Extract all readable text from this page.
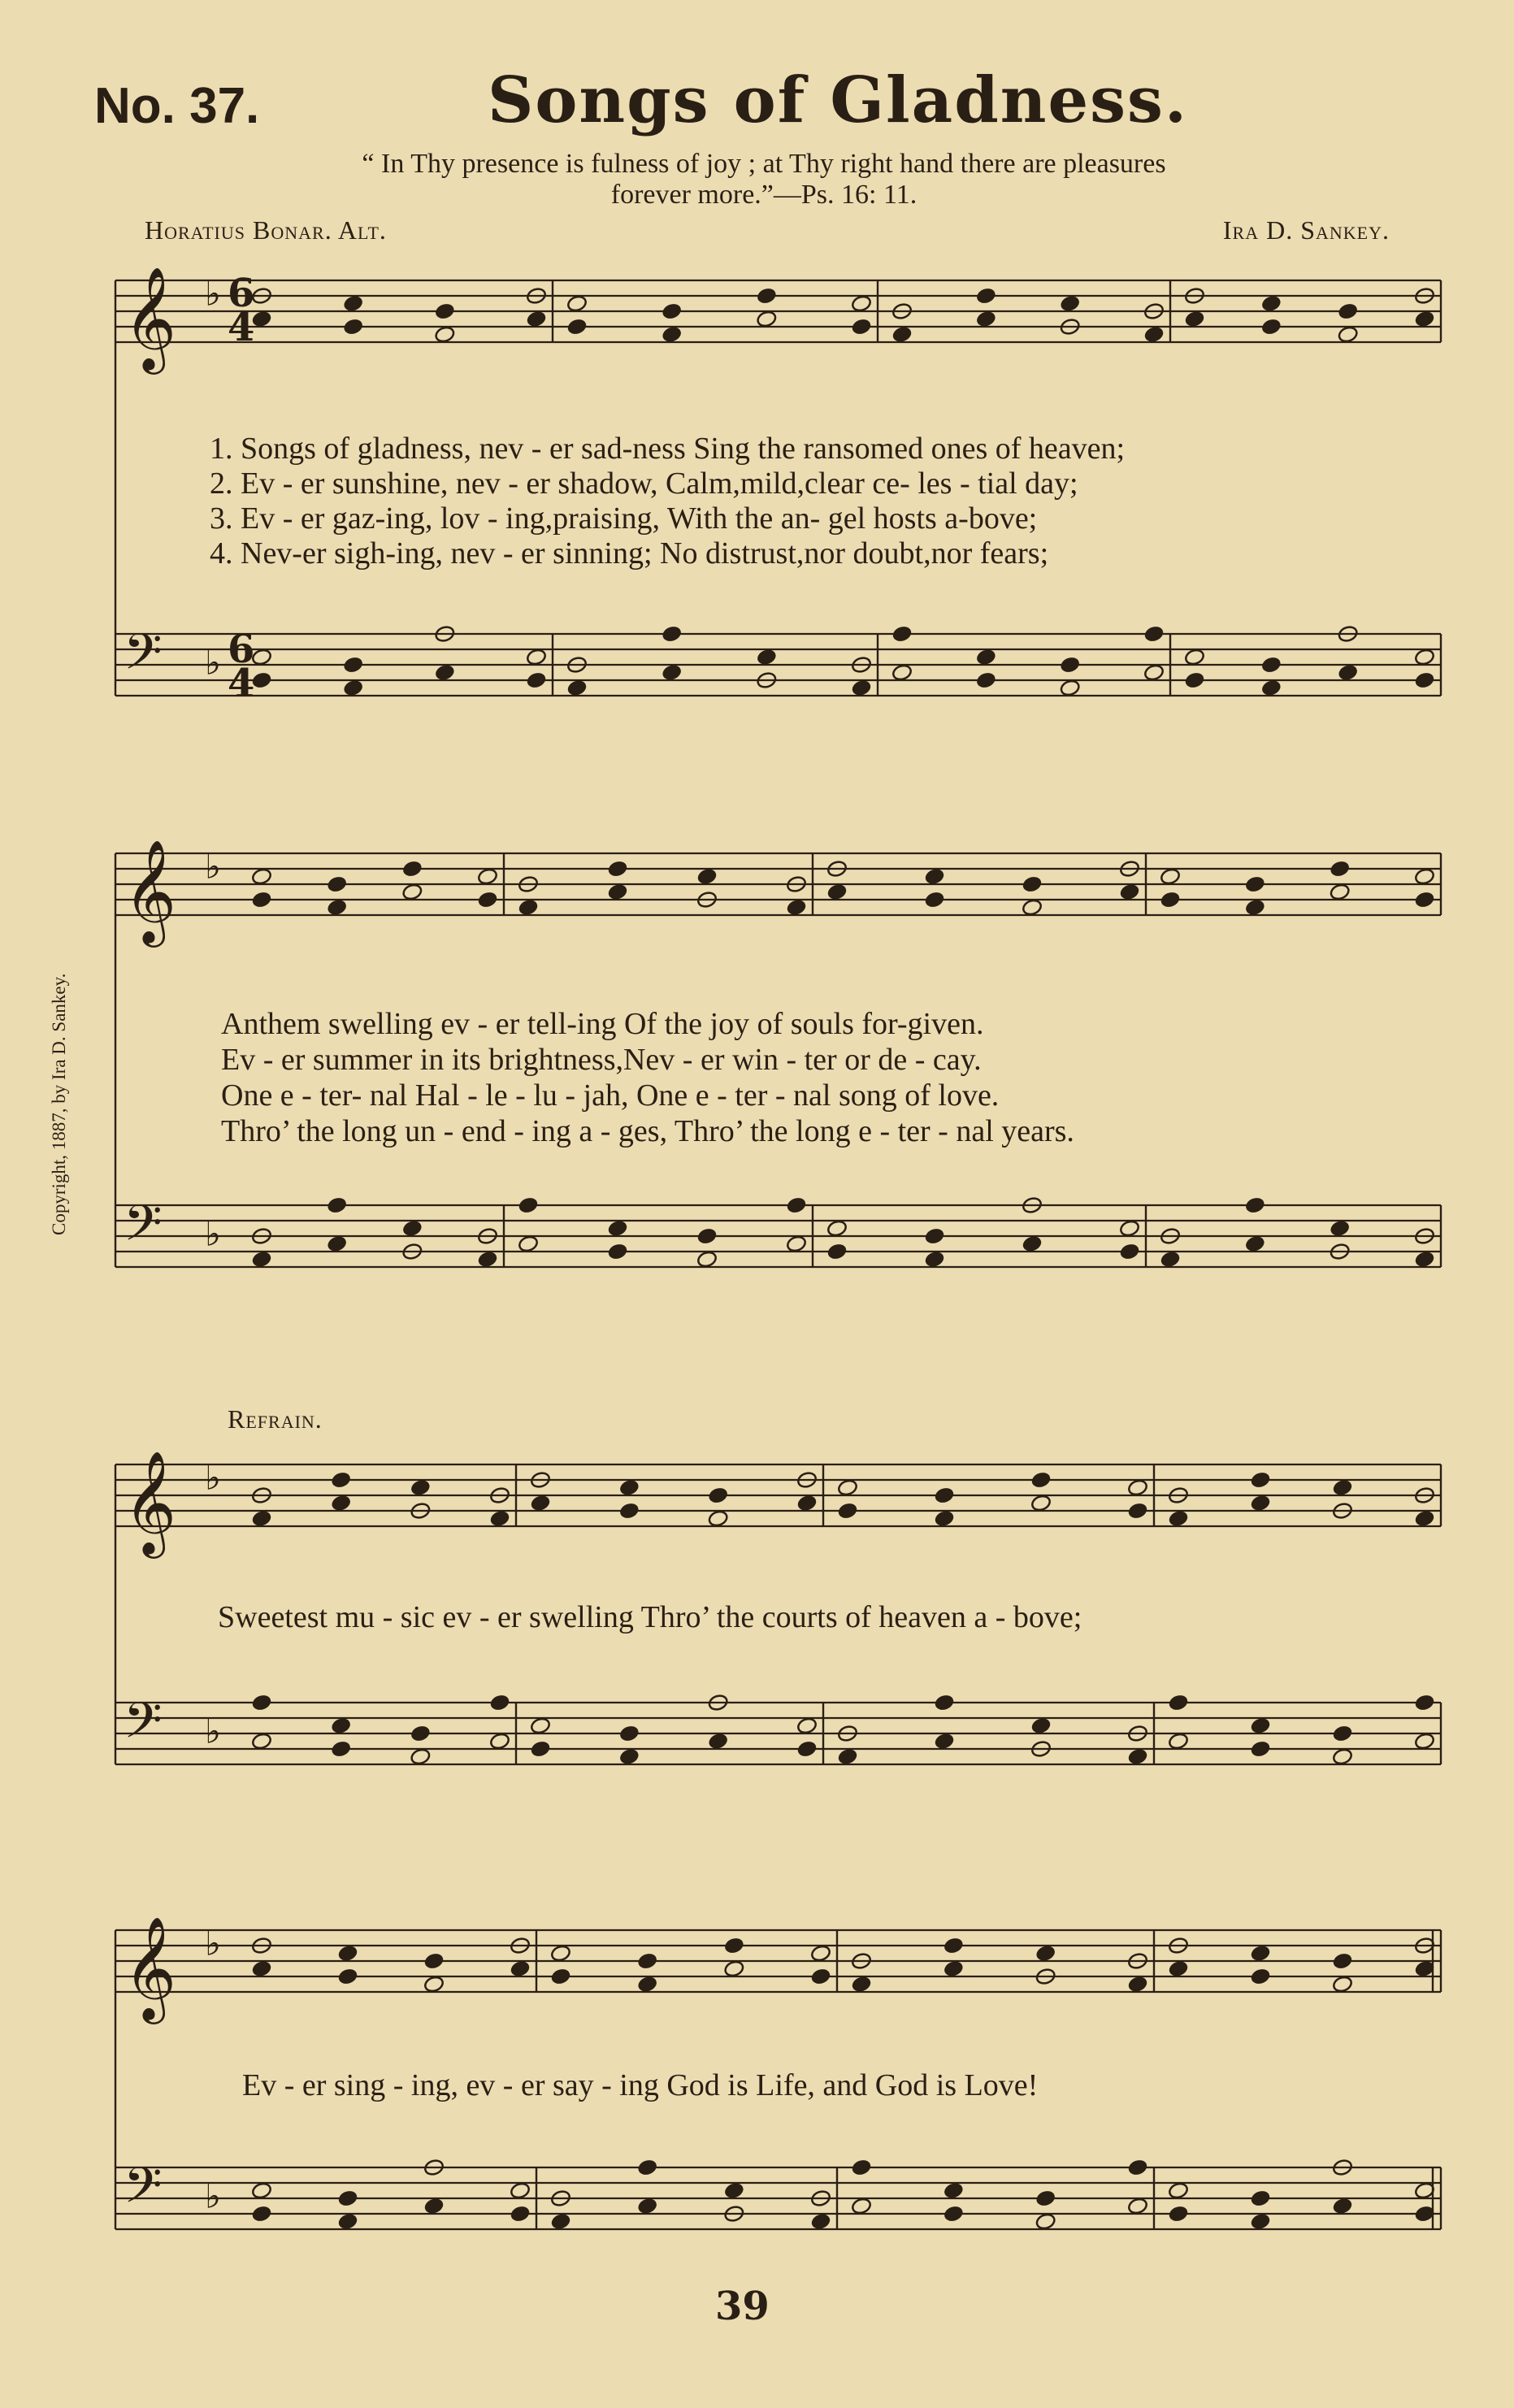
No. 37.	Songs of Gladness.
“ In Thy presence is fulness of joy ; at Thy right hand there are pleasures
forever more.”—Ps. 16: 11.
Horatius Bonar. Alt.	Ira D. Sankey.
Copyright, 1887, by Ira D. Sankey.
𝄞 ♭
𝄢 ♭
𝄞 ♭
𝄢 ♭
𝄞 ♭
𝄢 ♭
𝄞 ♭
𝄢 ♭
6
4
6
4
1. Songs of gladness, nev - er sad-ness Sing the ransomed ones of heaven;
2. Ev - er sunshine, nev - er shadow, Calm,mild,clear ce- les - tial day;
3. Ev - er gaz-ing, lov - ing,praising, With the an- gel hosts a-bove;
4. Nev-er sigh-ing, nev - er sinning; No distrust,nor doubt,nor fears;
Anthem swelling ev - er tell-ing Of the joy of souls for-given.
Ev - er summer in its brightness,Nev - er win - ter or de - cay.
One e - ter- nal Hal - le - lu - jah, One e - ter - nal song of love.
Thro’ the long un - end - ing a - ges, Thro’ the long e - ter - nal years.
Refrain.
Sweetest mu - sic ev - er swelling Thro’ the courts of heaven a - bove;
Ev - er sing - ing, ev - er say - ing God is Life, and God is Love!
39
